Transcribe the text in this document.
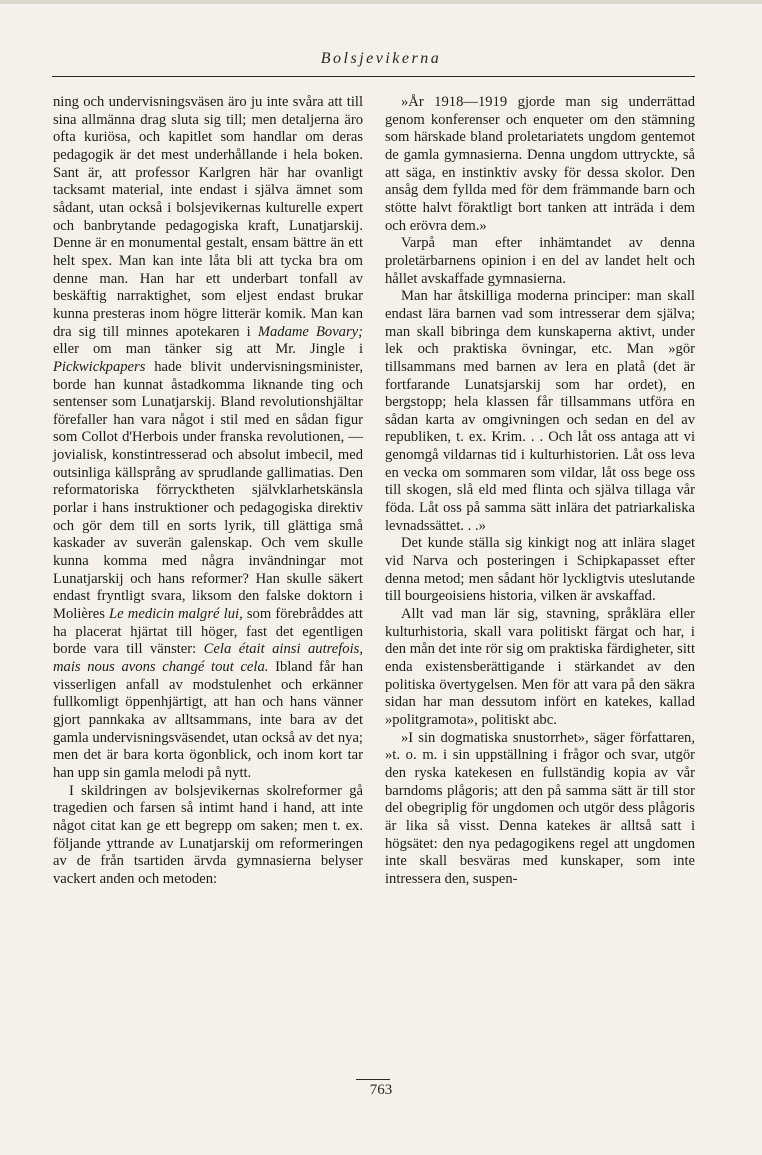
Bolsjevikerna

ning och undervisningsväsen äro ju inte svåra att till sina allmänna drag sluta sig till; men detaljerna äro ofta kuriösa, och kapitlet som handlar om deras pedagogik är det mest underhållande i hela boken. Sant är, att professor Karlgren här har ovanligt tacksamt material, inte endast i själva ämnet som sådant, utan också i bolsjevikernas kulturelle expert och banbrytande pedagogiska kraft, Lunatjarskij. Denne är en monumental gestalt, ensam bättre än ett helt spex. Man kan inte låta bli att tycka bra om denne man. Han har ett underbart tonfall av beskäftig narraktighet, som eljest endast brukar kunna presteras inom högre litterär komik. Man kan dra sig till minnes apotekaren i Madame Bovary; eller om man tänker sig att Mr. Jingle i Pickwickpapers hade blivit undervisningsminister, borde han kunnat åstadkomma liknande ting och sentenser som Lunatjarskij. Bland revolutionshjältar förefaller han vara något i stil med en sådan figur som Collot d'Herbois under franska revolutionen, — jovialisk, konstintresserad och absolut imbecil, med outsinliga källsprång av sprudlande gallimatias. Den reformatoriska förrycktheten självklarhetskänsla porlar i hans instruktioner och pedagogiska direktiv och gör dem till en sorts lyrik, till glättiga små kaskader av suverän galenskap. Och vem skulle kunna komma med några invändningar mot Lunatjarskij och hans reformer? Han skulle säkert endast fryntligt svara, liksom den falske doktorn i Molières Le medicin malgré lui, som förebråddes att ha placerat hjärtat till höger, fast det egentligen borde vara till vänster: Cela était ainsi autrefois, mais nous avons changé tout cela. Ibland får han visserligen anfall av modstulenhet och erkänner fullkomligt öppenhjärtigt, att han och hans vänner gjort pannkaka av alltsammans, inte bara av det gamla undervisningsväsendet, utan också av det nya; men det är bara korta ögonblick, och inom kort tar han upp sin gamla melodi på nytt.

I skildringen av bolsjevikernas skolreformer gå tragedien och farsen så intimt hand i hand, att inte något citat kan ge ett begrepp om saken; men t. ex. följande yttrande av Lunatjarskij om reformeringen av de från tsartiden ärvda gymnasierna belyser vackert anden och metoden:

»År 1918—1919 gjorde man sig underrättad genom konferenser och enqueter om den stämning som härskade bland proletariatets ungdom gentemot de gamla gymnasierna. Denna ungdom uttryckte, så att säga, en instinktiv avsky för dessa skolor. Den ansåg dem fyllda med för dem främmande barn och stötte halvt föraktligt bort tanken att inträda i dem och erövra dem.»

Varpå man efter inhämtandet av denna proletärbarnens opinion i en del av landet helt och hållet avskaffade gymnasierna.

Man har åtskilliga moderna principer: man skall endast lära barnen vad som intresserar dem själva; man skall bibringa dem kunskaperna aktivt, under lek och praktiska övningar, etc. Man »gör tillsammans med barnen av lera en platå (det är fortfarande Lunatsjarskij som har ordet), en bergstopp; hela klassen får tillsammans utföra en sådan karta av omgivningen och sedan en del av republiken, t. ex. Krim. . . Och låt oss antaga att vi genomgå vildarnas tid i kulturhistorien. Låt oss leva en vecka om sommaren som vildar, låt oss bege oss till skogen, slå eld med flinta och själva tillaga vår föda. Låt oss på samma sätt inlära det patriarkaliska levnadssättet. . .»

Det kunde ställa sig kinkigt nog att inlära slaget vid Narva och posteringen i Schipkapasset efter denna metod; men sådant hör lyckligtvis uteslutande till bourgeoisiens historia, vilken är avskaffad.

Allt vad man lär sig, stavning, språklära eller kulturhistoria, skall vara politiskt färgat och har, i den mån det inte rör sig om praktiska färdigheter, sitt enda existensberättigande i stärkandet av den politiska övertygelsen. Men för att vara på den säkra sidan har man dessutom infört en katekes, kallad »politgramota», politiskt abc.

»I sin dogmatiska snustorrhet», säger författaren, »t. o. m. i sin uppställning i frågor och svar, utgör den ryska katekesen en fullständig kopia av vår barndoms plågoris; att den på samma sätt är till stor del obegriplig för ungdomen och utgör dess plågoris är lika så visst. Denna katekes är alltså satt i högsätet: den nya pedagogikens regel att ungdomen inte skall besväras med kunskaper, som inte intressera den, suspen-

763
